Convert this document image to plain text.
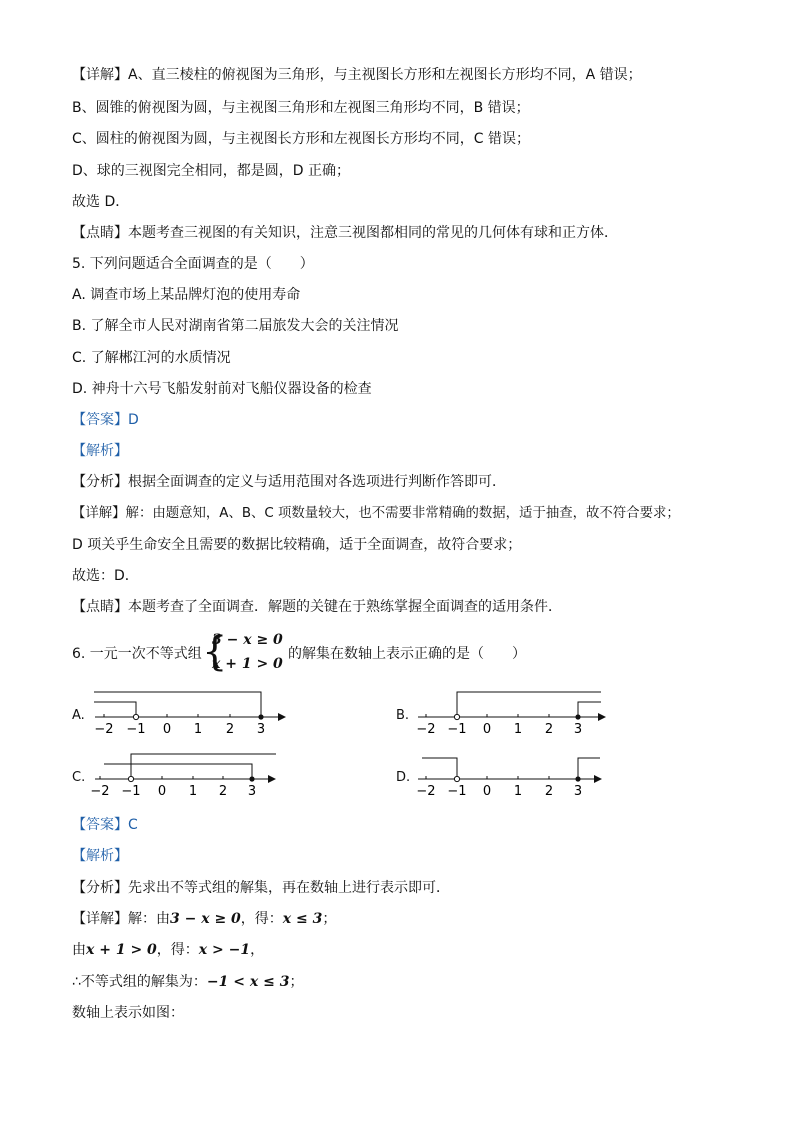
【详解】A、直三棱柱的俯视图为三角形，与主视图长方形和左视图长方形均不同，A 错误；
B、圆锥的俯视图为圆，与主视图三角形和左视图三角形均不同，B 错误；
C、圆柱的俯视图为圆，与主视图长方形和左视图长方形均不同，C 错误；
D、球的三视图完全相同，都是圆，D 正确；
故选 D．
【点睛】本题考查三视图的有关知识，注意三视图都相同的常见的几何体有球和正方体．
5. 下列问题适合全面调查的是（　　）
A. 调查市场上某品牌灯泡的使用寿命
B. 了解全市人民对湖南省第二届旅发大会的关注情况
C. 了解郴江河的水质情况
D. 神舟十六号飞船发射前对飞船仪器设备的检查
【答案】D
【解析】
【分析】根据全面调查的定义与适用范围对各选项进行判断作答即可．
【详解】解：由题意知，A、B、C 项数量较大，也不需要非常精确的数据，适于抽查，故不符合要求；
D 项关乎生命安全且需要的数据比较精确，适于全面调查，故符合要求；
故选：D．
【点睛】本题考查了全面调查．解题的关键在于熟练掌握全面调查的适用条件．
6. 一元一次不等式组 {
3 − x ≥ 0
x + 1 > 0
的解集在数轴上表示正确的是（　　）
A.	B.
C.	D.
−2 −1 0 1 2 3	−2 −1 0 1 2 3
−2 −1 0 1 2 3	−2 −1 0 1 2 3
【答案】C
【解析】
【分析】先求出不等式组的解集，再在数轴上进行表示即可．
【详解】解：由3 − x ≥ 0，得：x ≤ 3；
由x + 1 > 0，得：x > −1，
∴不等式组的解集为：−1 < x ≤ 3；
数轴上表示如图：
